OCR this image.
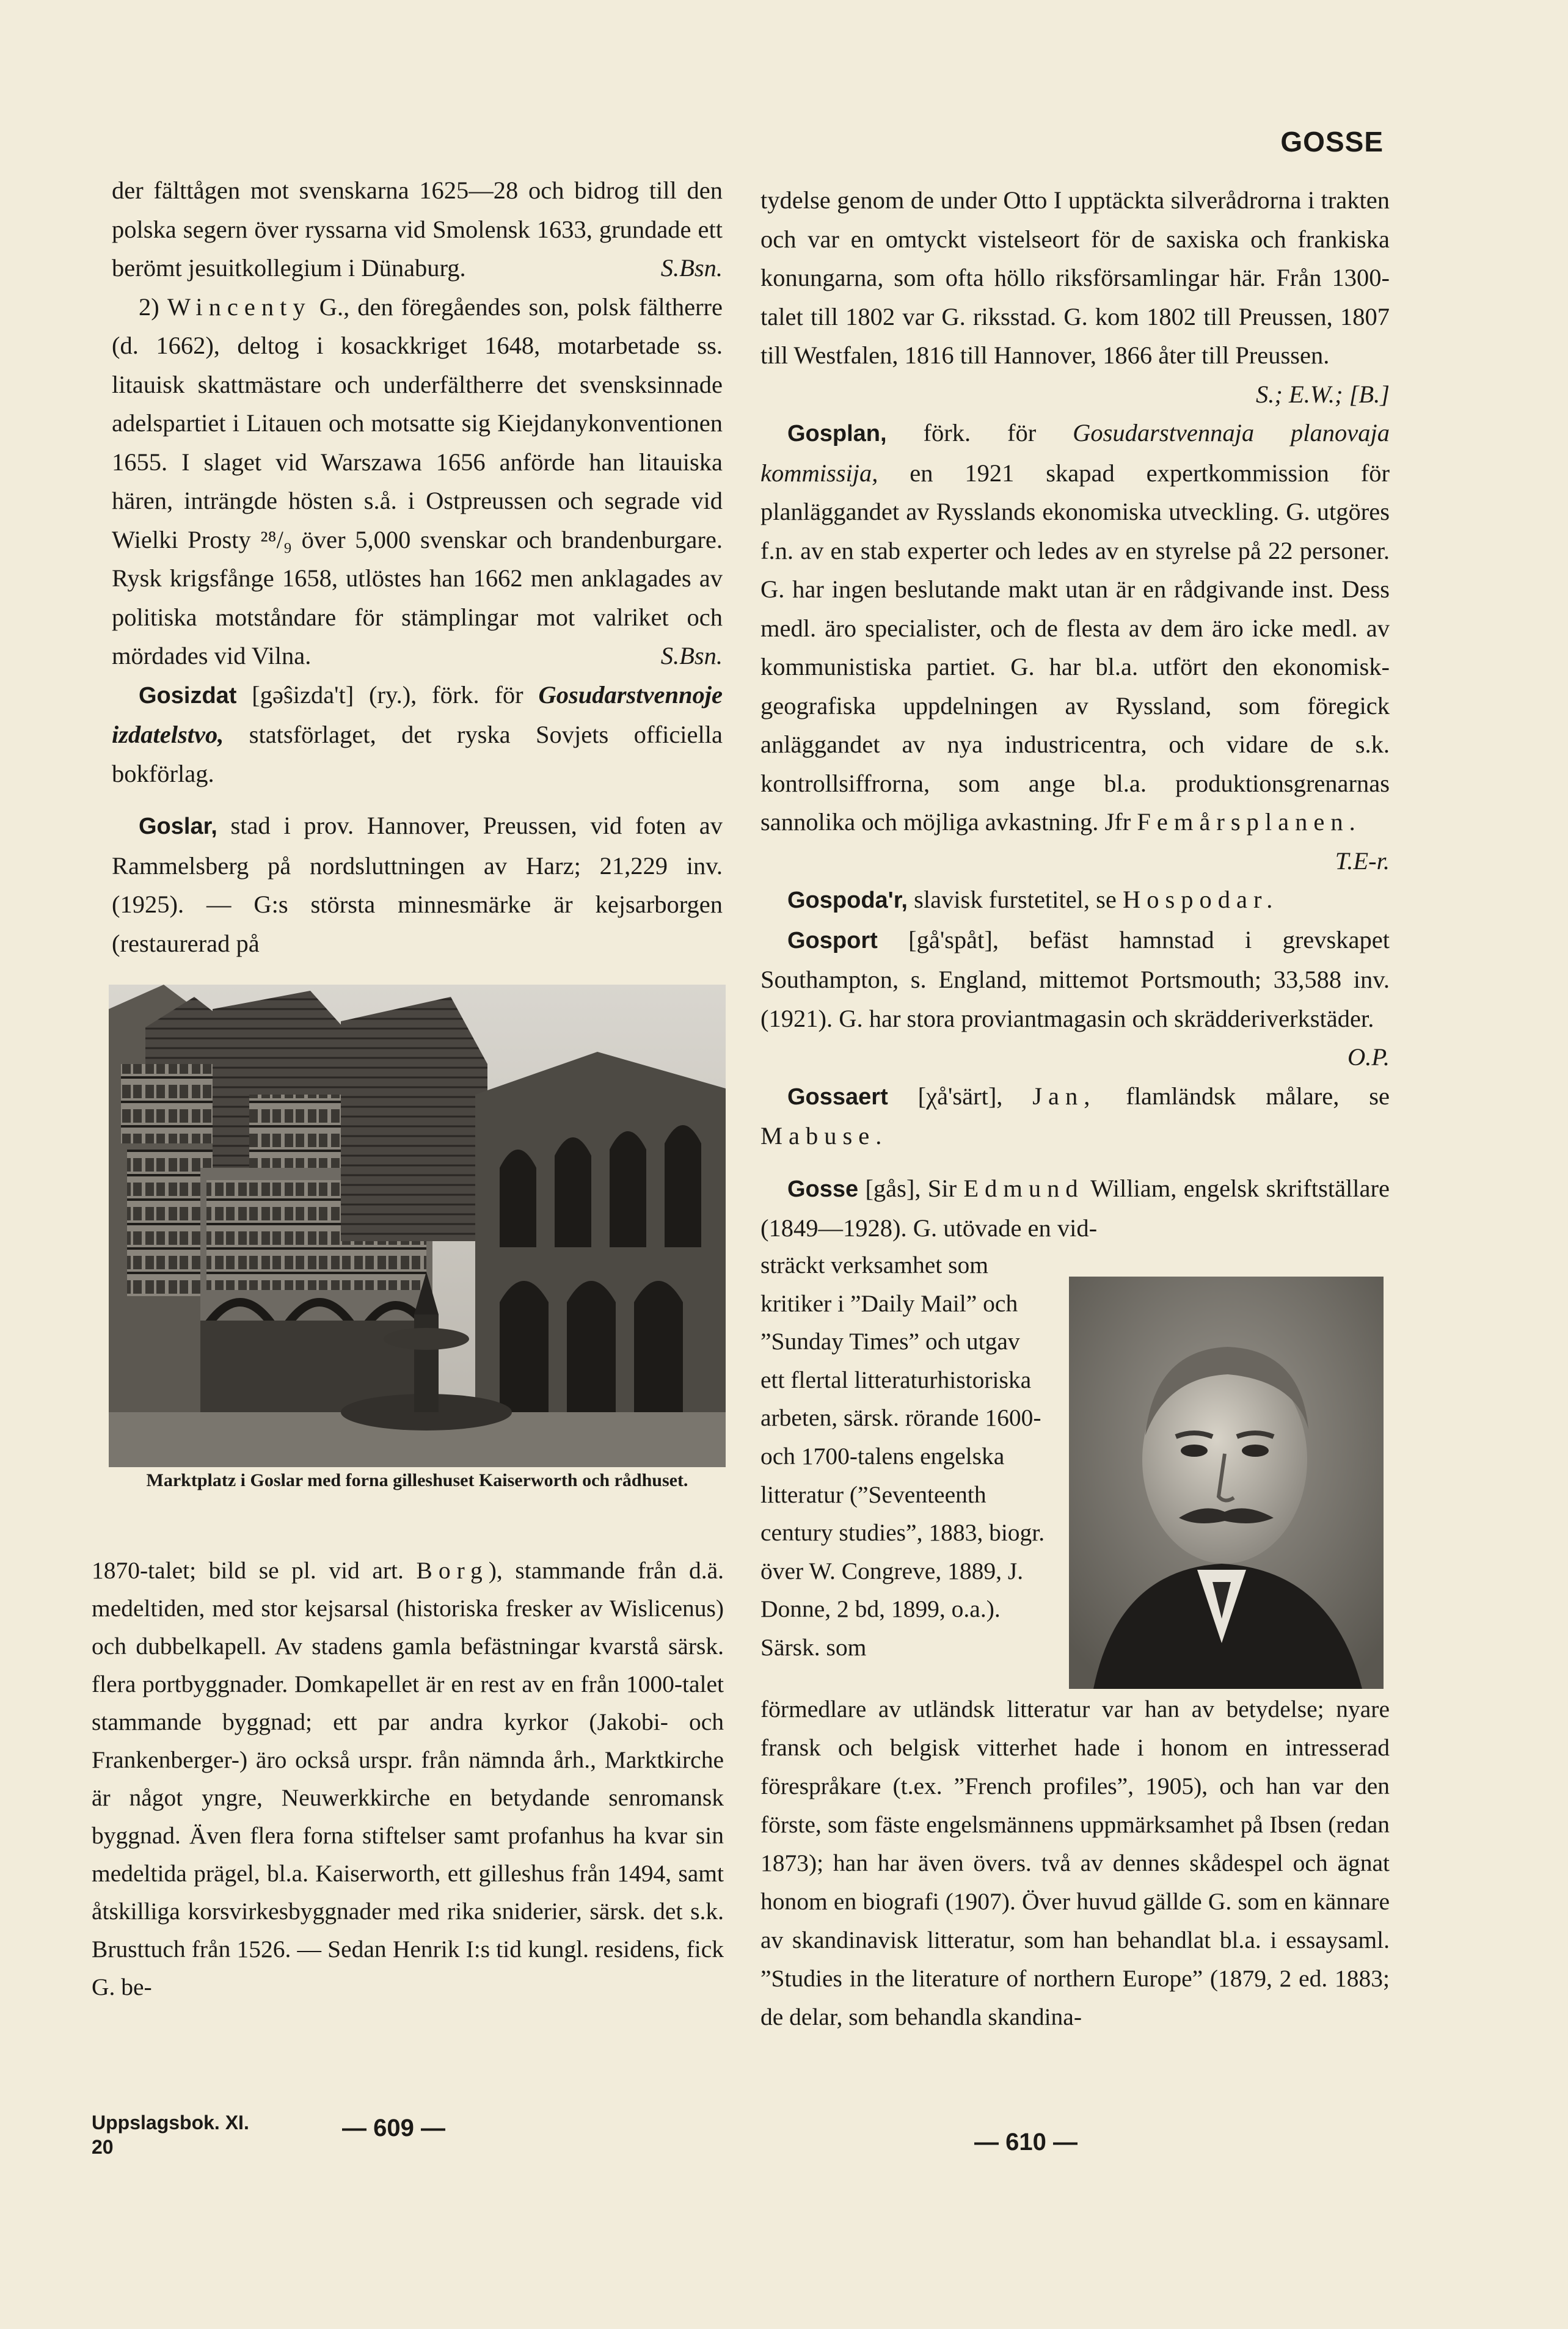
GOSSE

der fälttågen mot svenskarna 1625—28 och bidrog till den polska segern över ryssarna vid Smolensk 1633, grundade ett berömt jesuitkollegium i Dünaburg.	S.Bsn.

2) Wincenty G., den föregåendes son, polsk fältherre (d. 1662), deltog i kosackkriget 1648, motarbetade ss. litauisk skattmästare och underfältherre det svensksinnade adelspartiet i Litauen och motsatte sig Kiejdanykonventionen 1655. I slaget vid Warszawa 1656 anförde han litauiska hären, inträngde hösten s.å. i Ostpreussen och segrade vid Wielki Prosty ²⁸/₉ över 5,000 svenskar och brandenburgare. Rysk krigsfånge 1658, utlöstes han 1662 men anklagades av politiska motståndare för stämplingar mot valriket och mördades vid Vilna.	S.Bsn.

Gosizdat [gəŝizda't] (ry.), förk. för Gosudarstvennoje izdatelstvo, statsförlaget, det ryska Sovjets officiella bokförlag.

Goslar, stad i prov. Hannover, Preussen, vid foten av Rammelsberg på nordsluttningen av Harz; 21,229 inv. (1925). — G:s största minnesmärke är kejsarborgen (restaurerad på

Marktplatz i Goslar med forna gilleshuset Kaiserworth och rådhuset.

1870-talet; bild se pl. vid art. Borg), stammande från d.ä. medeltiden, med stor kejsarsal (historiska fresker av Wislicenus) och dubbelkapell. Av stadens gamla befästningar kvarstå särsk. flera portbyggnader. Domkapellet är en rest av en från 1000-talet stammande byggnad; ett par andra kyrkor (Jakobi- och Frankenberger-) äro också urspr. från nämnda årh., Marktkirche är något yngre, Neuwerkkirche en betydande senromansk byggnad. Även flera forna stiftelser samt profanhus ha kvar sin medeltida prägel, bl.a. Kaiserworth, ett gilleshus från 1494, samt åtskilliga korsvirkesbyggnader med rika sniderier, särsk. det s.k. Brusttuch från 1526. — Sedan Henrik I:s tid kungl. residens, fick G. be-

tydelse genom de under Otto I upptäckta silverådrorna i trakten och var en omtyckt vistelseort för de saxiska och frankiska konungarna, som ofta höllo riksförsamlingar här. Från 1300-talet till 1802 var G. riksstad. G. kom 1802 till Preussen, 1807 till Westfalen, 1816 till Hannover, 1866 åter till Preussen.
S.; E.W.; [B.]

Gosplan, förk. för Gosudarstvennaja planovaja kommissija, en 1921 skapad expertkommission för planläggandet av Rysslands ekonomiska utveckling. G. utgöres f.n. av en stab experter och ledes av en styrelse på 22 personer. G. har ingen beslutande makt utan är en rådgivande inst. Dess medl. äro specialister, och de flesta av dem äro icke medl. av kommunistiska partiet. G. har bl.a. utfört den ekonomisk-geografiska uppdelningen av Ryssland, som föregick anläggandet av nya industricentra, och vidare de s.k. kontrollsiffrorna, som ange bl.a. produktionsgrenarnas sannolika och möjliga avkastning. Jfr Femårsplanen.
T.E-r.

Gospoda'r, slavisk furstetitel, se Hospodar.

Gosport [gå'spåt], befäst hamnstad i grevskapet Southampton, s. England, mittemot Portsmouth; 33,588 inv. (1921). G. har stora proviantmagasin och skrädderiverkstäder.
O.P.

Gossaert [χå'särt], Jan, flamländsk målare, se Mabuse.

Gosse [gås], Sir Edmund William, engelsk skriftställare (1849—1928). G. utövade en vid-

sträckt verksamhet som kritiker i ”Daily Mail” och ”Sunday Times” och utgav ett flertal litteraturhistoriska arbeten, särsk. rörande 1600- och 1700-talens engelska litteratur (”Seventeenth century studies”, 1883, biogr. över W. Congreve, 1889, J. Donne, 2 bd, 1899, o.a.). Särsk. som

förmedlare av utländsk litteratur var han av betydelse; nyare fransk och belgisk vitterhet hade i honom en intresserad förespråkare (t.ex. ”French profiles”, 1905), och han var den förste, som fäste engelsmännens uppmärksamhet på Ibsen (redan 1873); han har även övers. två av dennes skådespel och ägnat honom en biografi (1907). Över huvud gällde G. som en kännare av skandinavisk litteratur, som han behandlat bl.a. i essaysaml. ”Studies in the literature of northern Europe” (1879, 2 ed. 1883; de delar, som behandla skandina-

Uppslagsbok. XI.
20
— 609 —
— 610 —
